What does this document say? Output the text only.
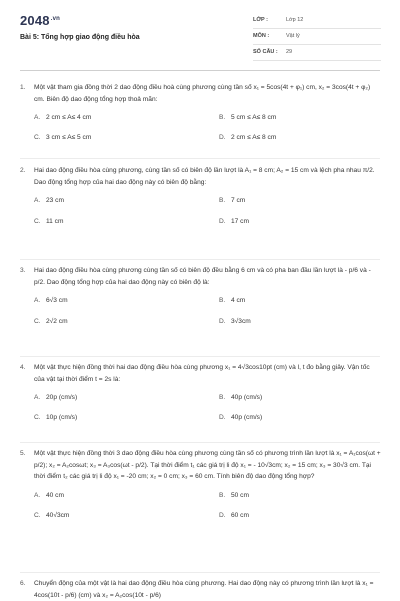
$2048^{.vn}$
Bài 5: Tổng hợp giao động điều hòa
LỚP :	Lớp 12
MÔN :	Vật lý
SỐ CÂU : 29
1. Một vật tham gia đồng thời 2 dao động điều hoà cùng phương cùng tần số x₁ = 5cos(4t + φ₁) cm, x₂ = 3cos(4t + φ₂) cm. Biên độ dao động tổng hợp thoả mãn:
A. 2 cm ≤ A≤ 4 cm	B. 5 cm ≤ A≤ 8 cm
C. 3 cm ≤ A≤ 5 cm	D. 2 cm ≤ A≤ 8 cm
2. Hai dao động điều hòa cùng phương, cùng tần số có biên độ lần lượt là A₁ = 8 cm; A₂ = 15 cm và lệch pha nhau π/2. Dao động tổng hợp của hai dao động này có biên độ bằng:
A. 23 cm	B. 7 cm
C. 11 cm	D. 17 cm
3. Hai dao động điều hòa cùng phương cùng tần số có biên độ đều bằng 6 cm và có pha ban đầu lần lượt là - p/6 và - p/2. Dao động tổng hợp của hai dao động này có biên độ là:
A. 6√3 cm	B. 4 cm
C. 2√2 cm	D. 3√3cm
4. Một vật thực hiện đồng thời hai dao động điều hòa cùng phương x₁ = 4√3cos10pt (cm) và l, t đo bằng giây. Vận tốc của vật tại thời điểm t = 2s là:
A. 20p (cm/s)	B. 40p (cm/s)
C. 10p (cm/s)	D. 40p (cm/s)
5. Một vật thực hiện đồng thời 3 dao động điều hòa cùng phương cùng tần số có phương trình lần lượt là x₁ = A₁cos(ωt + p/2); x₂ = A₂cosωt; x₃ = A₃cos(ωt - p/2). Tại thời điểm t₁ các giá trị li độ x₁ = - 10√3cm; x₂ = 15 cm; x₃ = 30√3 cm. Tại thời điểm t₂ các giá trị li độ x₁ = -20 cm; x₂ = 0 cm; x₃ = 60 cm. Tính biên độ dao động tổng hợp?
A. 40 cm	B. 50 cm
C. 40√3cm	D. 60 cm
6. Chuyển động của một vật là hai dao động điều hòa cùng phương. Hai dao động này có phương trình lần lượt là x₁ = 4cos(10t - p/6) (cm) và x₂ = A₂cos(10t - p/6)
